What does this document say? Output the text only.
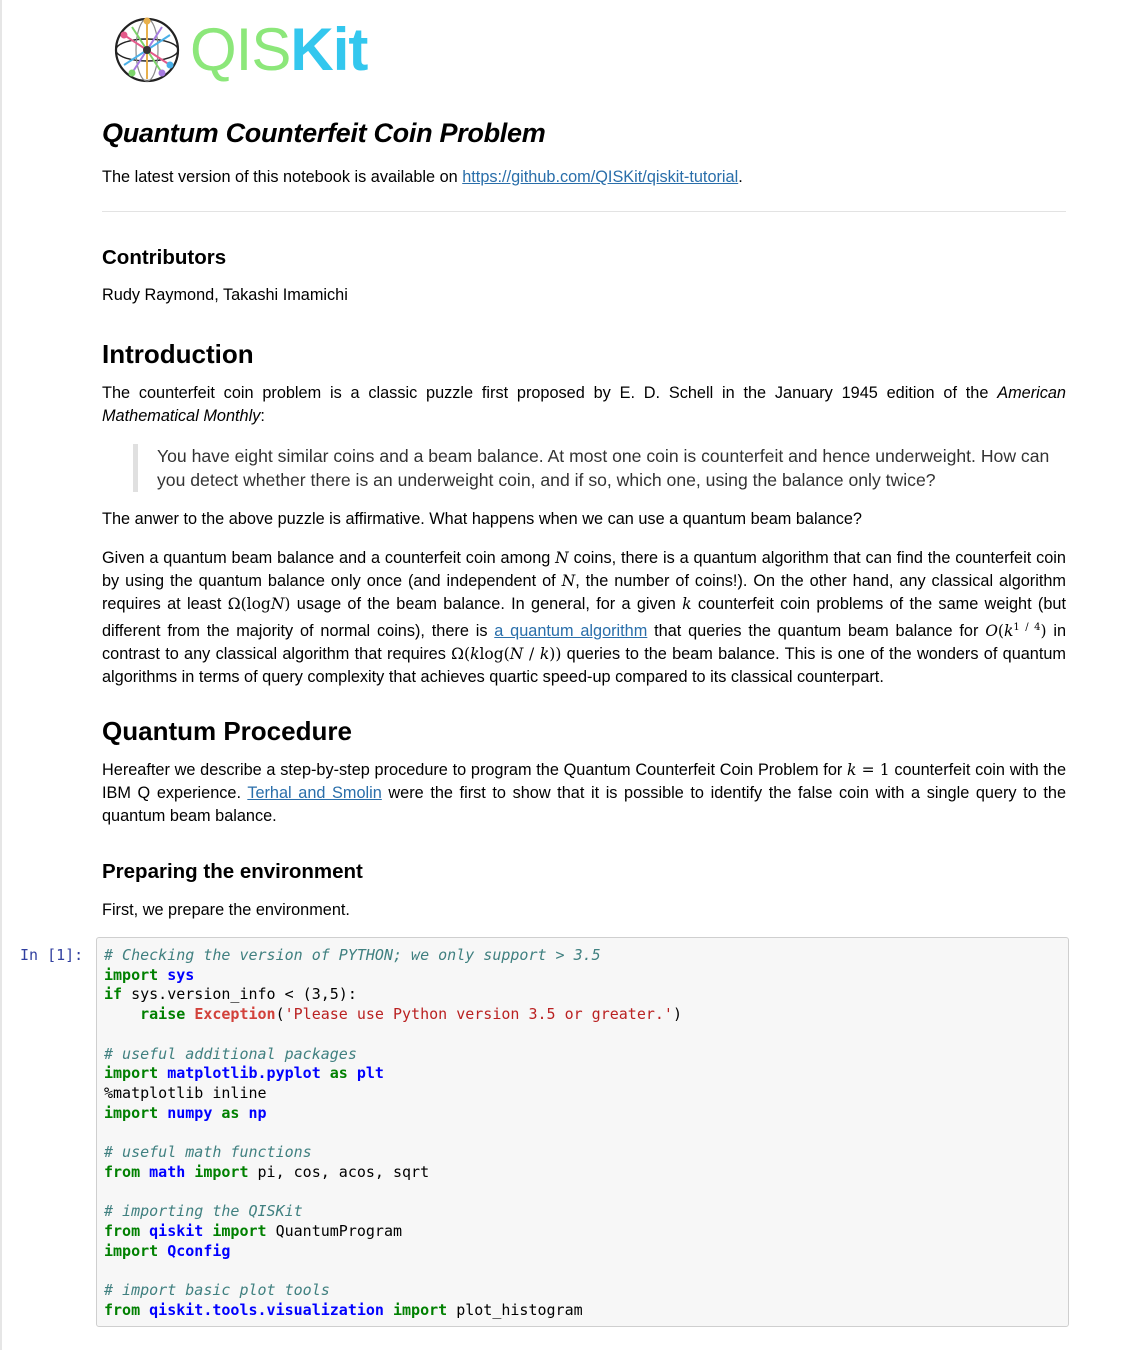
QISKit
Quantum Counterfeit Coin Problem

The latest version of this notebook is available on https://github.com/QISKit/qiskit-tutorial.

Contributors

Rudy Raymond, Takashi Imamichi

Introduction

The counterfeit coin problem is a classic puzzle first proposed by E. D. Schell in the January 1945 edition of the American Mathematical Monthly:

You have eight similar coins and a beam balance. At most one coin is counterfeit and hence underweight. How can you detect whether there is an underweight coin, and if so, which one, using the balance only twice?

The anwer to the above puzzle is affirmative. What happens when we can use a quantum beam balance?

Given a quantum beam balance and a counterfeit coin among N coins, there is a quantum algorithm that can find the counterfeit coin by using the quantum balance only once (and independent of N, the number of coins!). On the other hand, any classical algorithm requires at least Ω(logN) usage of the beam balance. In general, for a given k counterfeit coin problems of the same weight (but different from the majority of normal coins), there is a quantum algorithm that queries the quantum beam balance for $O(k^{1 / 4})$ in contrast to any classical algorithm that requires Ω(klog(N / k)) queries to the beam balance. This is one of the wonders of quantum algorithms in terms of query complexity that achieves quartic speed-up compared to its classical counterpart.

Quantum Procedure

Hereafter we describe a step-by-step procedure to program the Quantum Counterfeit Coin Problem for k = 1 counterfeit coin with the IBM Q experience. Terhal and Smolin were the first to show that it is possible to identify the false coin with a single query to the quantum beam balance.

Preparing the environment

First, we prepare the environment.

In [1]: # Checking the version of PYTHON; we only support > 3.5
import sys
if sys.version_info < (3,5):
raise Exception('Please use Python version 3.5 or greater.')

# useful additional packages
import matplotlib.pyplot as plt
%matplotlib inline
import numpy as np

# useful math functions
from math import pi, cos, acos, sqrt

# importing the QISKit
from qiskit import QuantumProgram
import Qconfig

# import basic plot tools
from qiskit.tools.visualization import plot_histogram
